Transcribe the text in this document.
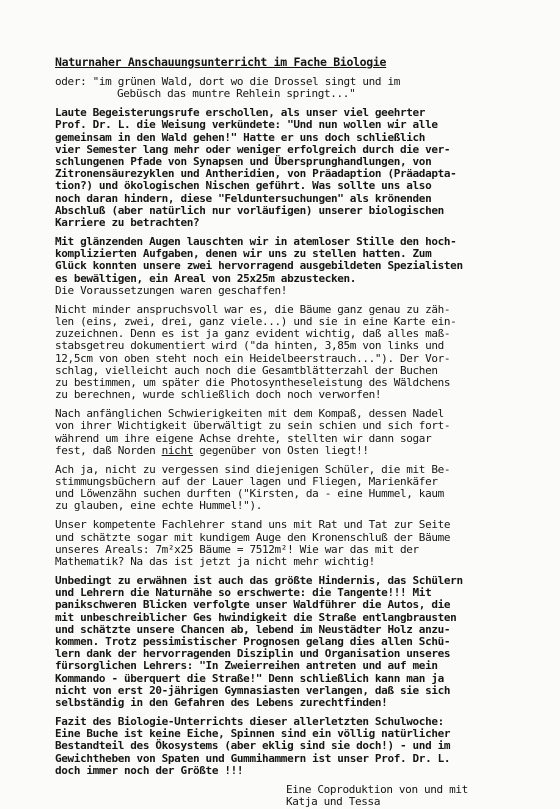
Naturnaher Anschauungsunterricht im Fache Biologie

oder: "im grünen Wald, dort wo die Drossel singt und im

Gebüsch das muntre Rehlein springt..."

Laute Begeisterungsrufe erschollen, als unser viel geehrter

Prof. Dr. L. die Weisung verkündete: "Und nun wollen wir alle

gemeinsam in den Wald gehen!" Hatte er uns doch schließlich

vier Semester lang mehr oder weniger erfolgreich durch die ver-

schlungenen Pfade von Synapsen und Übersprunghandlungen, von

Zitronensäurezyklen und Antheridien, von Präadaption (Präadapta-

tion?) und ökologischen Nischen geführt. Was sollte uns also

noch daran hindern, diese "Felduntersuchungen" als krönenden

Abschluß (aber natürlich nur vorläufigen) unserer biologischen

Karriere zu betrachten?

Mit glänzenden Augen lauschten wir in atemloser Stille den hoch-

komplizierten Aufgaben, denen wir uns zu stellen hatten. Zum

Glück konnten unsere zwei hervorragend ausgebildeten Spezialisten

es bewältigen, ein Areal von 25x25m abzustecken.

Die Voraussetzungen waren geschaffen!

Nicht minder anspruchsvoll war es, die Bäume ganz genau zu zäh-

len (eins, zwei, drei, ganz viele...) und sie in eine Karte ein-

zuzeichnen. Denn es ist ja ganz evident wichtig, daß alles maß-

stabsgetreu dokumentiert wird ("da hinten, 3,85m von links und

12,5cm von oben steht noch ein Heidelbeerstrauch..."). Der Vor-

schlag, vielleicht auch noch die Gesamtblätterzahl der Buchen

zu bestimmen, um später die Photosyntheseleistung des Wäldchens

zu berechnen, wurde schließlich doch noch verworfen!

Nach anfänglichen Schwierigkeiten mit dem Kompaß, dessen Nadel

von ihrer Wichtigkeit überwältigt zu sein schien und sich fort-

während um ihre eigene Achse drehte, stellten wir dann sogar

fest, daß Norden nicht gegenüber von Osten liegt!!

Ach ja, nicht zu vergessen sind diejenigen Schüler, die mit Be-

stimmungsbüchern auf der Lauer lagen und Fliegen, Marienkäfer

und Löwenzähn suchen durften ("Kirsten, da - eine Hummel, kaum

zu glauben, eine echte Hummel!").

Unser kompetente Fachlehrer stand uns mit Rat und Tat zur Seite

und schätzte sogar mit kundigem Auge den Kronenschluß der Bäume

unseres Areals: 7m²x25 Bäume = 7512m²! Wie war das mit der

Mathematik? Na das ist jetzt ja nicht mehr wichtig!

Unbedingt zu erwähnen ist auch das größte Hindernis, das Schülern

und Lehrern die Naturnähe so erschwerte: die Tangente!!! Mit

panikschweren Blicken verfolgte unser Waldführer die Autos, die

mit unbeschreiblicher Ges hwindigkeit die Straße entlangbrausten

und schätzte unsere Chancen ab, lebend im Neustädter Holz anzu-

kommen. Trotz pessimistischer Prognosen gelang dies allen Schü-

lern dank der hervorragenden Disziplin und Organisation unseres

fürsorglichen Lehrers: "In Zweierreihen antreten und auf mein

Kommando - überquert die Straße!" Denn schließlich kann man ja

nicht von erst 20-jährigen Gymnasiasten verlangen, daß sie sich

selbständig in den Gefahren des Lebens zurechtfinden!

Fazit des Biologie-Unterrichts dieser allerletzten Schulwoche:

Eine Buche ist keine Eiche, Spinnen sind ein völlig natürlicher

Bestandteil des Ökosystems (aber eklig sind sie doch!) - und im

Gewichtheben von Spaten und Gummihammern ist unser Prof. Dr. L.

doch immer noch der Größte !!!

Eine Coproduktion von und mit

Katja und Tessa
